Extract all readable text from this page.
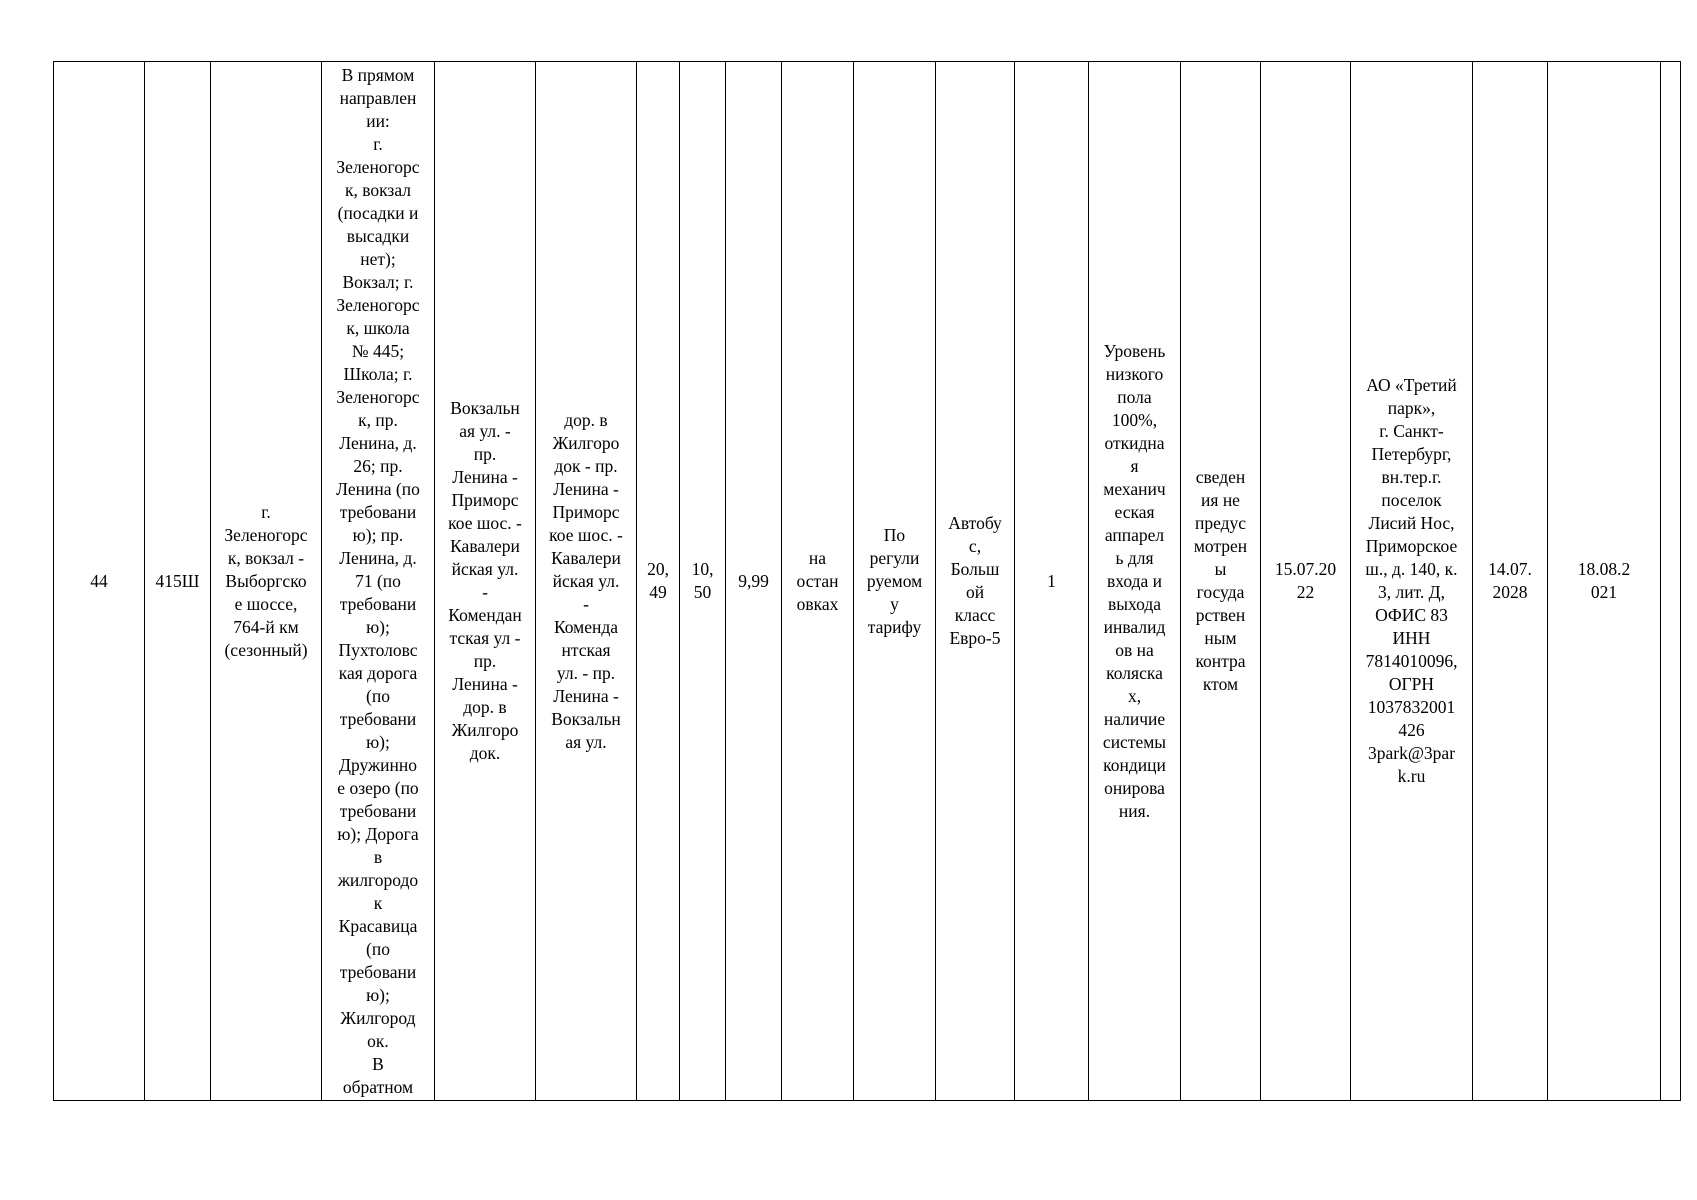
44	415Ш	г.
Зеленогорс
к, вокзал -
Выборгско
е шоссе,
764-й км
(сезонный)	В прямом
направлен
ии:
г.
Зеленогорс
к, вокзал
(посадки и
высадки
нет);
Вокзал; г.
Зеленогорс
к, школа
№ 445;
Школа; г.
Зеленогорс
к, пр.
Ленина, д.
26; пр.
Ленина (по
требовани
ю); пр.
Ленина, д.
71 (по
требовани
ю);
Пухтоловс
кая дорога
(по
требовани
ю);
Дружинно
е озеро (по
требовани
ю); Дорога
в
жилгородо
к
Красавица
(по
требовани
ю);
Жилгород
ок.
В
обратном	Вокзальн
ая ул. -
пр.
Ленина -
Приморс
кое шос. -
Кавалери
йская ул.
-
Комендан
тская ул -
пр.
Ленина -
дор. в
Жилгоро
док.	дор. в
Жилгоро
док - пр.
Ленина -
Приморс
кое шос. -
Кавалери
йская ул.
-
Коменда
нтская
ул. - пр.
Ленина -
Вокзальн
ая ул.	20,
49	10,
50	9,99	на
остан
овках	По
регули
руемом
у
тарифу	Автобу
с,
Больш
ой
класс
Евро-5	1	Уровень
низкого
пола
100%,
откидна
я
механич
еская
аппарел
ь для
входа и
выхода
инвалид
ов на
коляска
х,
наличие
системы
кондици
онирова
ния.	сведен
ия не
предус
мотрен
ы
госуда
рствен
ным
контра
ктом	15.07.20
22	АО «Третий
парк»,
г. Санкт-
Петербург,
вн.тер.г.
поселок
Лисий Нос,
Приморское
ш., д. 140, к.
3, лит. Д,
ОФИС 83
ИНН
7814010096,
ОГРН
1037832001
426
3park@3par
k.ru	14.07.
2028	18.08.2
021	
